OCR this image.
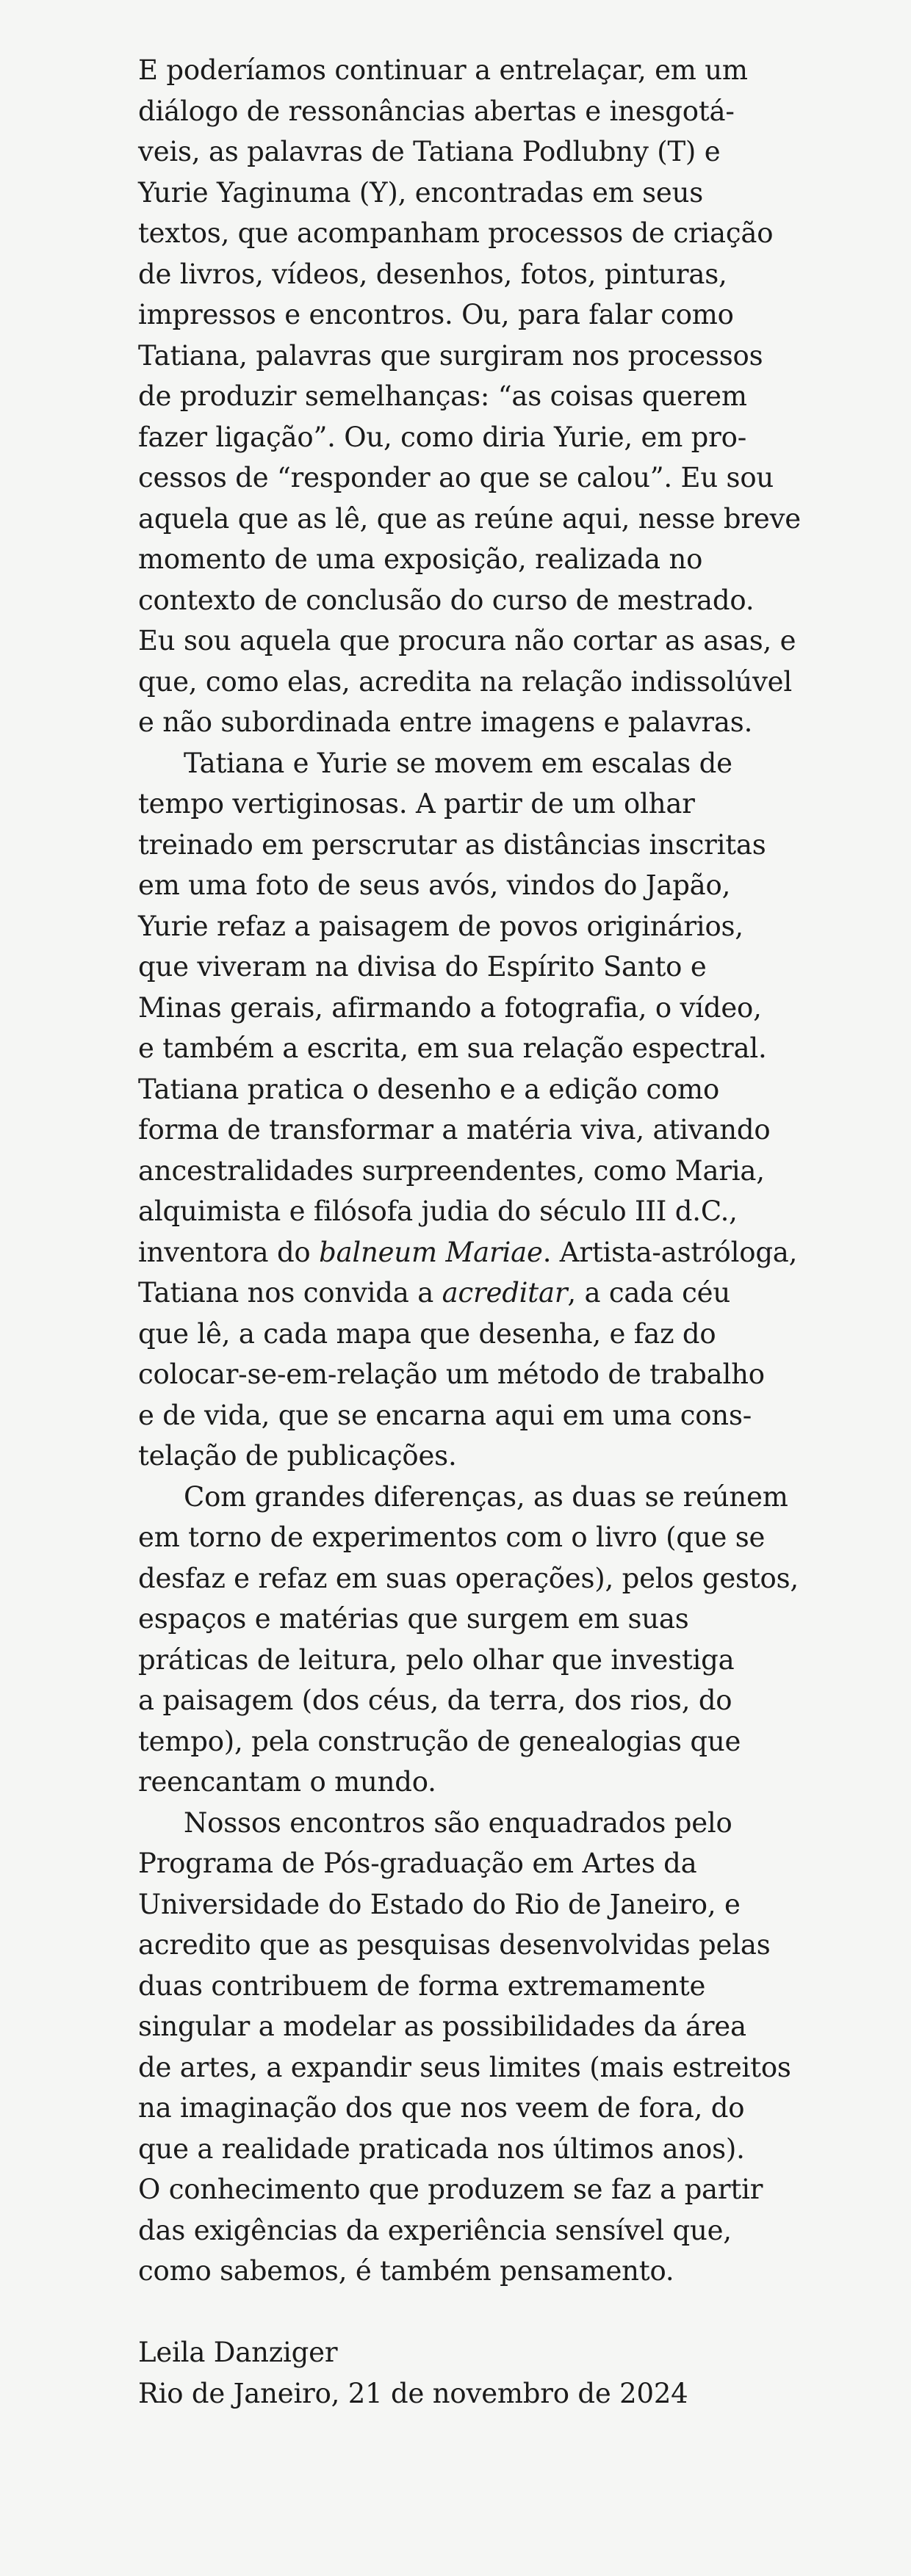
E poderíamos continuar a entrelaçar, em um
diálogo de ressonâncias abertas e inesgotá-
veis, as palavras de Tatiana Podlubny (T) e
Yurie Yaginuma (Y), encontradas em seus
textos, que acompanham processos de criação
de livros, vídeos, desenhos, fotos, pinturas,
impressos e encontros. Ou, para falar como
Tatiana, palavras que surgiram nos processos
de produzir semelhanças: “as coisas querem
fazer ligação”. Ou, como diria Yurie, em pro-
cessos de “responder ao que se calou”. Eu sou
aquela que as lê, que as reúne aqui, nesse breve
momento de uma exposição, realizada no
contexto de conclusão do curso de mestrado.
Eu sou aquela que procura não cortar as asas, e
que, como elas, acredita na relação indissolúvel
e não subordinada entre imagens e palavras.
Tatiana e Yurie se movem em escalas de
tempo vertiginosas. A partir de um olhar
treinado em perscrutar as distâncias inscritas
em uma foto de seus avós, vindos do Japão,
Yurie refaz a paisagem de povos originários,
que viveram na divisa do Espírito Santo e
Minas gerais, afirmando a fotografia, o vídeo,
e também a escrita, em sua relação espectral.
Tatiana pratica o desenho e a edição como
forma de transformar a matéria viva, ativando
ancestralidades surpreendentes, como Maria,
alquimista e filósofa judia do século III d.C.,
inventora do balneum Mariae. Artista-astróloga,
Tatiana nos convida a acreditar, a cada céu
que lê, a cada mapa que desenha, e faz do
colocar-se-em-relação um método de trabalho
e de vida, que se encarna aqui em uma cons-
telação de publicações.
Com grandes diferenças, as duas se reúnem
em torno de experimentos com o livro (que se
desfaz e refaz em suas operações), pelos gestos,
espaços e matérias que surgem em suas
práticas de leitura, pelo olhar que investiga
a paisagem (dos céus, da terra, dos rios, do
tempo), pela construção de genealogias que
reencantam o mundo.
Nossos encontros são enquadrados pelo
Programa de Pós-graduação em Artes da
Universidade do Estado do Rio de Janeiro, e
acredito que as pesquisas desenvolvidas pelas
duas contribuem de forma extremamente
singular a modelar as possibilidades da área
de artes, a expandir seus limites (mais estreitos
na imaginação dos que nos veem de fora, do
que a realidade praticada nos últimos anos).
O conhecimento que produzem se faz a partir
das exigências da experiência sensível que,
como sabemos, é também pensamento.
Leila Danziger
Rio de Janeiro, 21 de novembro de 2024
